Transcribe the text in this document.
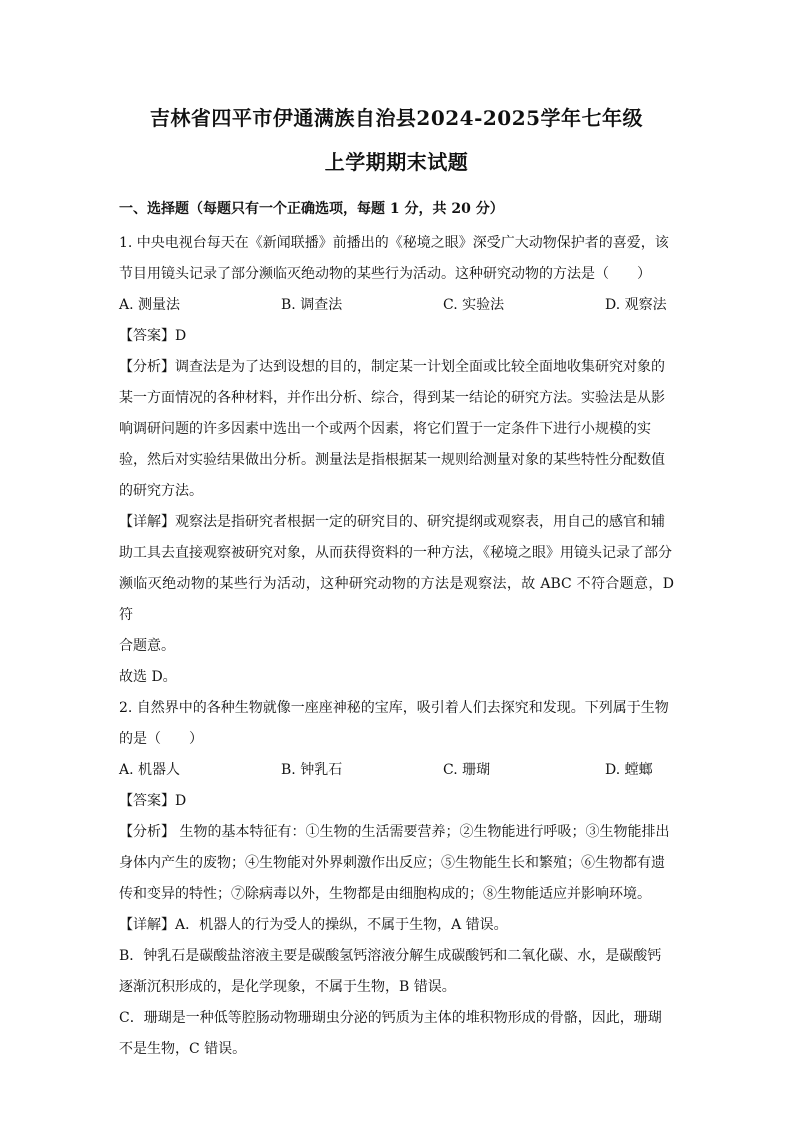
吉林省四平市伊通满族自治县2024-2025学年七年级
上学期期末试题
一、选择题（每题只有一个正确选项，每题 1 分，共 20 分）

1. 中央电视台每天在《新闻联播》前播出的《秘境之眼》深受广大动物保护者的喜爱，该

节目用镜头记录了部分濒临灭绝动物的某些行为活动。这种研究动物的方法是（　　）

A. 测量法	B. 调查法	C. 实验法	D. 观察法

【答案】D

【分析】调查法是为了达到设想的目的，制定某一计划全面或比较全面地收集研究对象的

某一方面情况的各种材料，并作出分析、综合，得到某一结论的研究方法。实验法是从影

响调研问题的许多因素中选出一个或两个因素，将它们置于一定条件下进行小规模的实

验，然后对实验结果做出分析。测量法是指根据某一规则给测量对象的某些特性分配数值

的研究方法。

【详解】观察法是指研究者根据一定的研究目的、研究提纲或观察表，用自己的感官和辅

助工具去直接观察被研究对象，从而获得资料的一种方法，《秘境之眼》用镜头记录了部分

濒临灭绝动物的某些行为活动，这种研究动物的方法是观察法，故 ABC 不符合题意，D 符

合题意。

故选 D。

2. 自然界中的各种生物就像一座座神秘的宝库，吸引着人们去探究和发现。下列属于生物

的是（　　）

A. 机器人	B. 钟乳石	C. 珊瑚	D. 螳螂

【答案】D

【分析】 生物的基本特征有：①生物的生活需要营养；②生物能进行呼吸；③生物能排出

身体内产生的废物；④生物能对外界刺激作出反应；⑤生物能生长和繁殖；⑥生物都有遗

传和变异的特性；⑦除病毒以外，生物都是由细胞构成的；⑧生物能适应并影响环境。

【详解】A．机器人的行为受人的操纵，不属于生物，A 错误。

B．钟乳石是碳酸盐溶液主要是碳酸氢钙溶液分解生成碳酸钙和二氧化碳、水，是碳酸钙

逐渐沉积形成的，是化学现象，不属于生物，B 错误。

C．珊瑚是一种低等腔肠动物珊瑚虫分泌的钙质为主体的堆积物形成的骨骼，因此，珊瑚

不是生物，C 错误。
